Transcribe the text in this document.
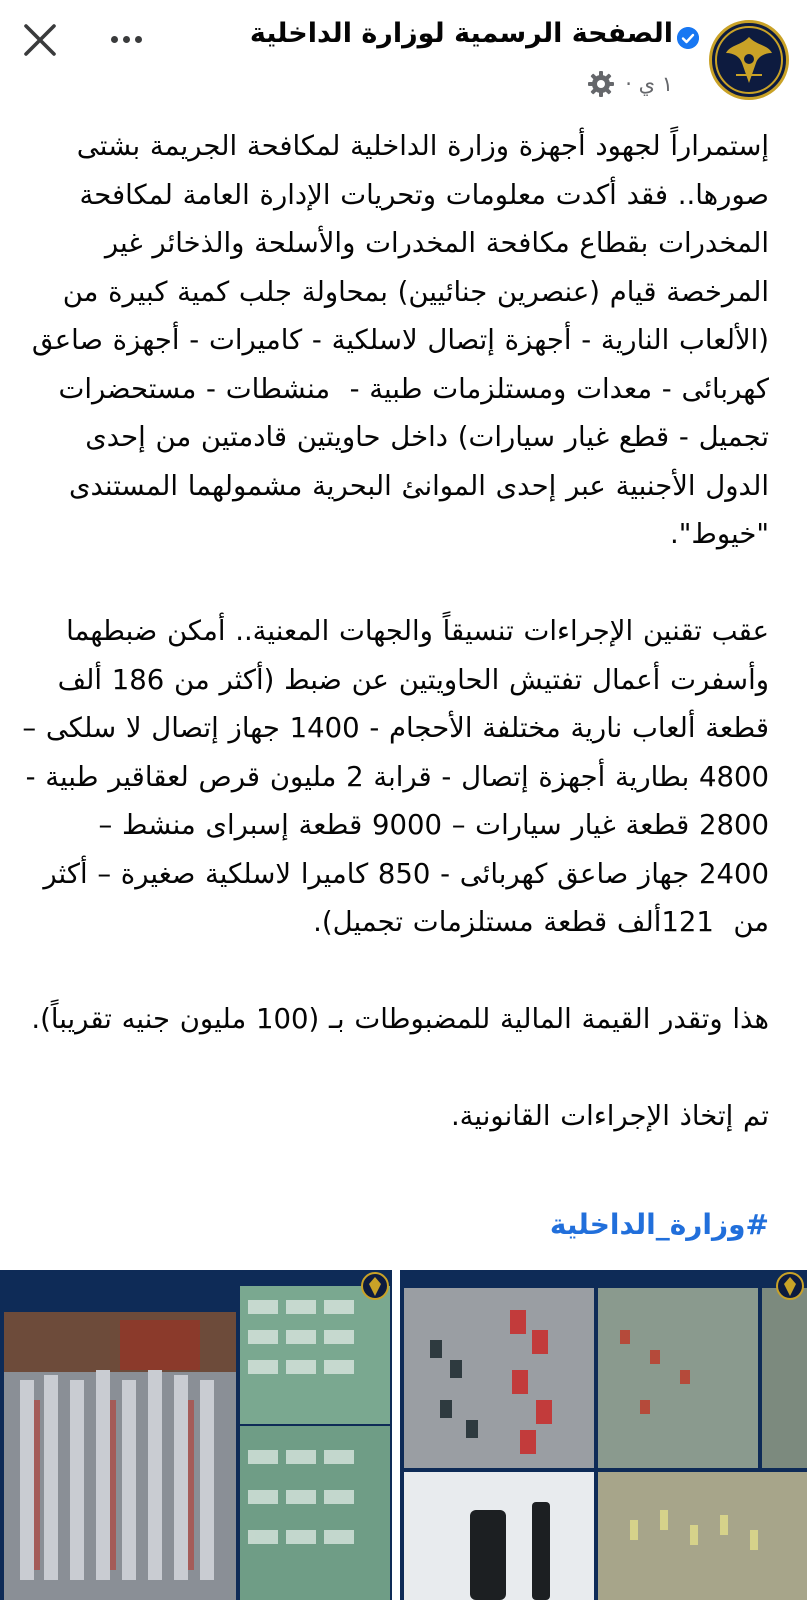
الصفحة الرسمية لوزارة الداخلية
١ ي ·
إستمراراً لجهود أجهزة وزارة الداخلية لمكافحة الجريمة بشتى صورها.. فقد أكدت معلومات وتحريات الإدارة العامة لمكافحة المخدرات بقطاع مكافحة المخدرات والأسلحة والذخائر غير المرخصة قيام (عنصرين جنائيين) بمحاولة جلب كمية كبيرة من (الألعاب النارية - أجهزة إتصال لاسلكية - كاميرات - أجهزة صاعق كهربائى - معدات ومستلزمات طبية -  منشطات - مستحضرات تجميل - قطع غيار سيارات) داخل حاويتين قادمتين من إحدى الدول الأجنبية عبر إحدى الموانئ البحرية مشمولهما المستندى "خيوط".

عقب تقنين الإجراءات تنسيقاً والجهات المعنية.. أمكن ضبطهما وأسفرت أعمال تفتيش الحاويتين عن ضبط (أكثر من 186 ألف قطعة ألعاب نارية مختلفة الأحجام - 1400 جهاز إتصال لا سلكى – 4800 بطارية أجهزة إتصال - قرابة 2 مليون قرص لعقاقير طبية - 2800 قطعة غيار سيارات – 9000 قطعة إسبراى منشط – 2400 جهاز صاعق كهربائى - 850 كاميرا لاسلكية صغيرة – أكثر من  121ألف قطعة مستلزمات تجميل).

هذا وتقدر القيمة المالية للمضبوطات بـ (100 مليون جنيه تقريباً).

تم إتخاذ الإجراءات القانونية.
#وزارة_الداخلية
